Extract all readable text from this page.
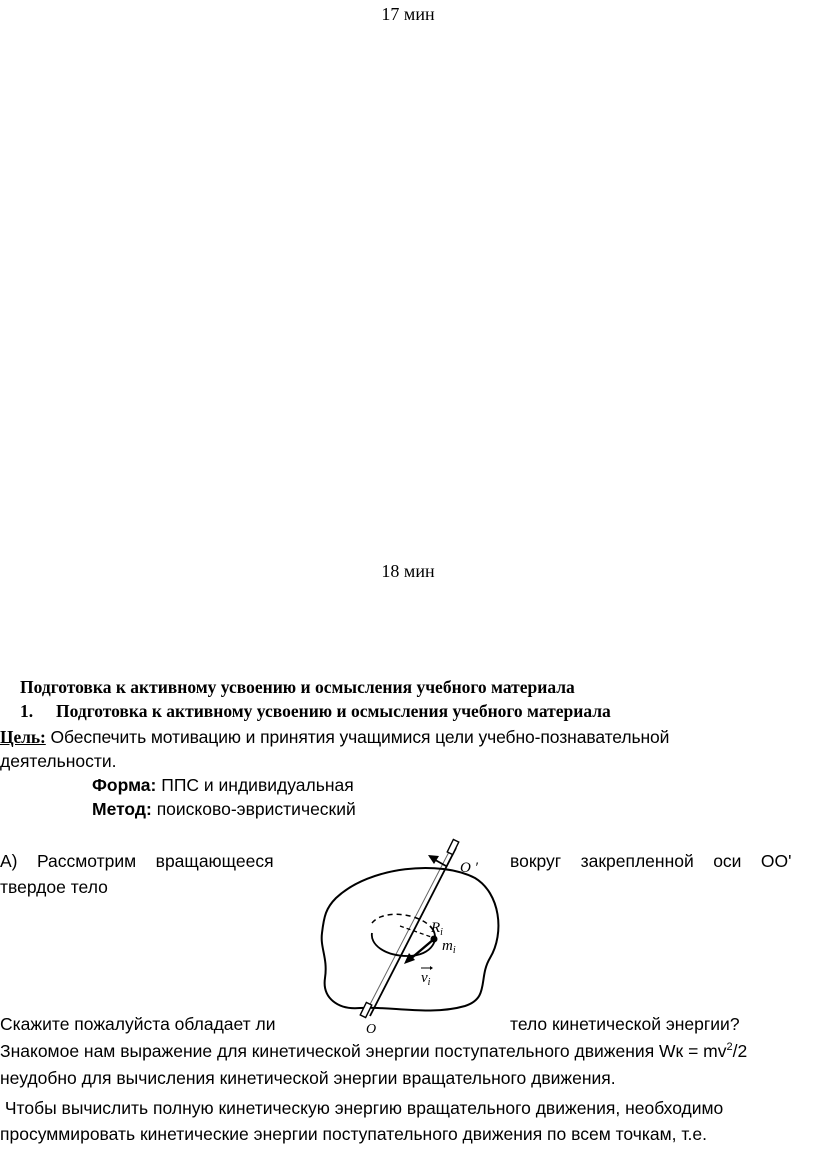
17 мин
18 мин
Подготовка к активному усвоению и осмысления учебного материала
1. Подготовка к активному усвоению и осмысления учебного материала
Цель: Обеспечить мотивацию и принятия учащимися цели учебно-познавательной
деятельности.
Форма: ППС и индивидуальная
Метод: поисково-эвристический
А)    Рассмотрим    вращающееся	вокруг    закрепленной    оси    ОО'
твердое тело
O ′
O
$R_i$
$m_i$
$v_i$
Скажите пожалуйста обладает ли	тело кинетической энергии?
Знакомое нам выражение для кинетической энергии поступательного движения Wк = $mv^2/2$
неудобно для вычисления кинетической энергии вращательного движения.
Чтобы вычислить полную кинетическую энергию вращательного движения, необходимо
просуммировать кинетические энергии поступательного движения по всем точкам, т.е.
